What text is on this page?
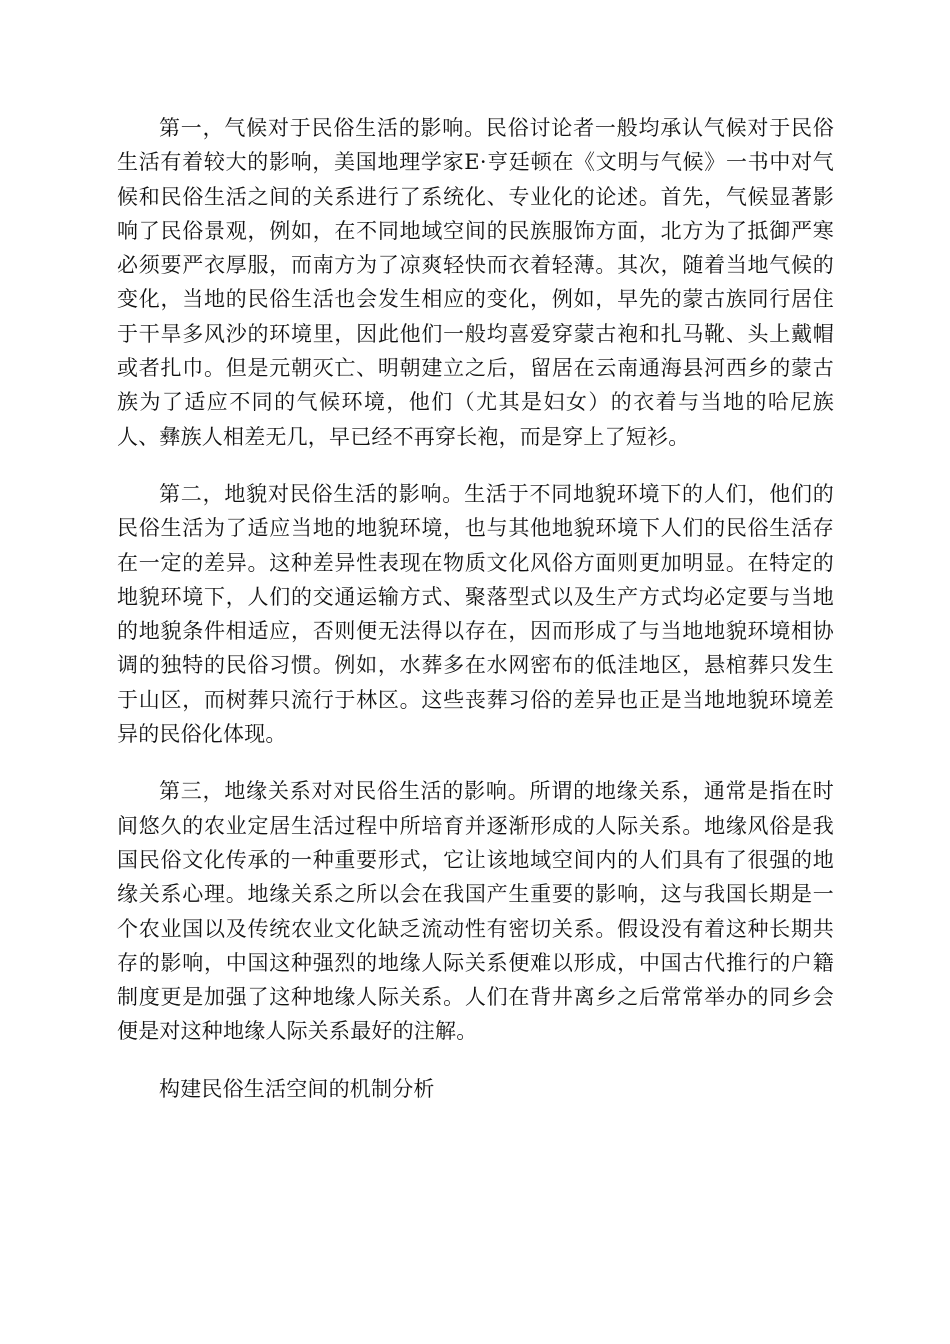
第一，气候对于民俗生活的影响。民俗讨论者一般均承认气候对于民俗生活有着较大的影响，美国地理学家E·亨廷顿在《文明与气候》一书中对气候和民俗生活之间的关系进行了系统化、专业化的论述。首先，气候显著影响了民俗景观，例如，在不同地域空间的民族服饰方面，北方为了抵御严寒必须要严衣厚服，而南方为了凉爽轻快而衣着轻薄。其次，随着当地气候的变化，当地的民俗生活也会发生相应的变化，例如，早先的蒙古族同行居住于干旱多风沙的环境里，因此他们一般均喜爱穿蒙古袍和扎马靴、头上戴帽或者扎巾。但是元朝灭亡、明朝建立之后，留居在云南通海县河西乡的蒙古族为了适应不同的气候环境，他们（尤其是妇女）的衣着与当地的哈尼族人、彝族人相差无几，早已经不再穿长袍，而是穿上了短衫。

第二，地貌对民俗生活的影响。生活于不同地貌环境下的人们，他们的民俗生活为了适应当地的地貌环境，也与其他地貌环境下人们的民俗生活存在一定的差异。这种差异性表现在物质文化风俗方面则更加明显。在特定的地貌环境下，人们的交通运输方式、聚落型式以及生产方式均必定要与当地的地貌条件相适应，否则便无法得以存在，因而形成了与当地地貌环境相协调的独特的民俗习惯。例如，水葬多在水网密布的低洼地区，悬棺葬只发生于山区，而树葬只流行于林区。这些丧葬习俗的差异也正是当地地貌环境差异的民俗化体现。

第三，地缘关系对对民俗生活的影响。所谓的地缘关系，通常是指在时间悠久的农业定居生活过程中所培育并逐渐形成的人际关系。地缘风俗是我国民俗文化传承的一种重要形式，它让该地域空间内的人们具有了很强的地缘关系心理。地缘关系之所以会在我国产生重要的影响，这与我国长期是一个农业国以及传统农业文化缺乏流动性有密切关系。假设没有着这种长期共存的影响，中国这种强烈的地缘人际关系便难以形成，中国古代推行的户籍制度更是加强了这种地缘人际关系。人们在背井离乡之后常常举办的同乡会便是对这种地缘人际关系最好的注解。

构建民俗生活空间的机制分析
